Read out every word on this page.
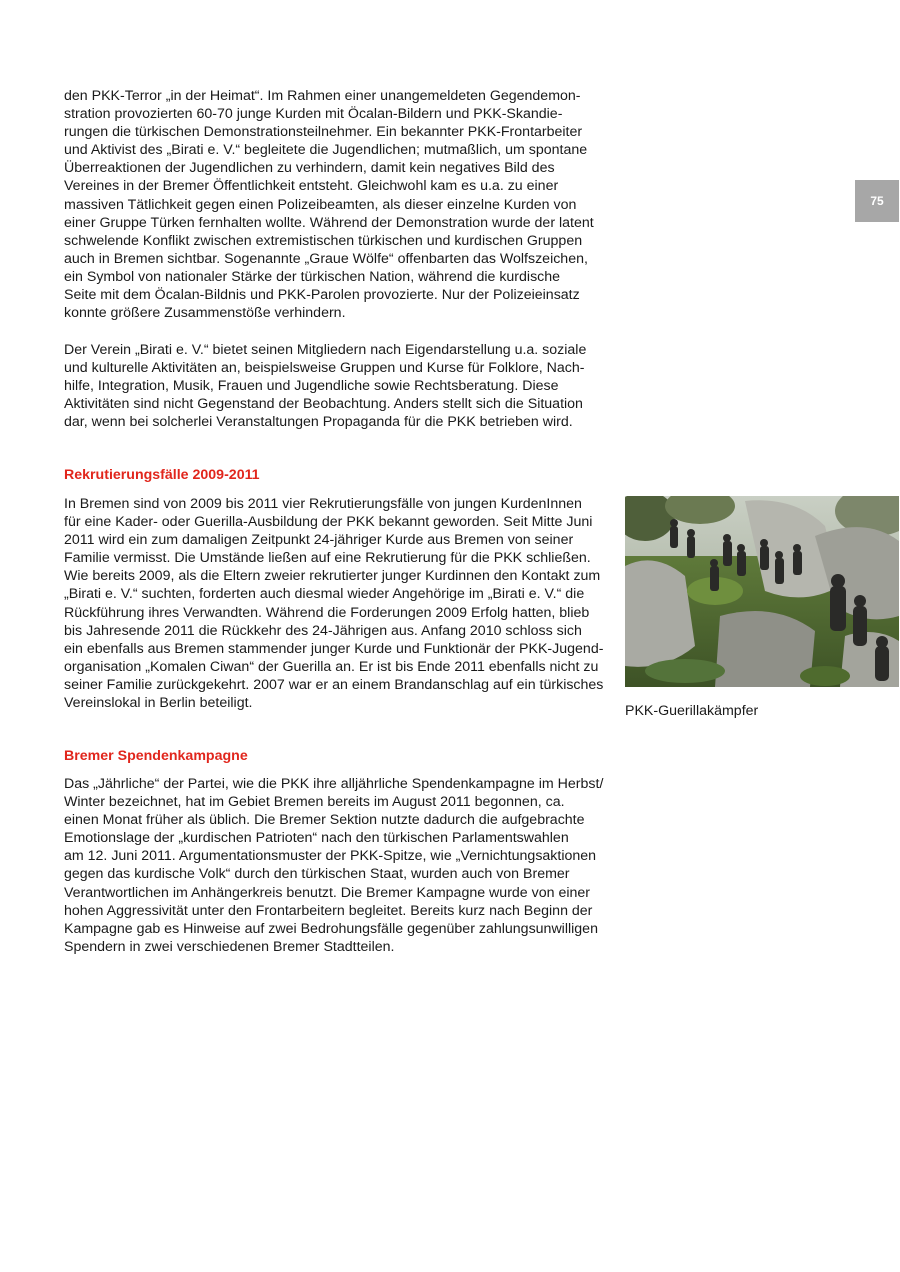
75

den PKK-Terror „in der Heimat“. Im Rahmen einer unangemeldeten Gegendemon-
stration provozierten 60-70 junge Kurden mit Öcalan-Bildern und PKK-Skandie-
rungen die türkischen Demonstrationsteilnehmer. Ein bekannter PKK-Frontarbeiter
und Aktivist des „Birati e. V.“ begleitete die Jugendlichen; mutmaßlich, um spontane
Überreaktionen der Jugendlichen zu verhindern, damit kein negatives Bild des
Vereines in der Bremer Öffentlichkeit entsteht. Gleichwohl kam es u.a. zu einer
massiven Tätlichkeit gegen einen Polizeibeamten, als dieser einzelne Kurden von
einer Gruppe Türken fernhalten wollte. Während der Demonstration wurde der latent
schwelende Konflikt zwischen extremistischen türkischen und kurdischen Gruppen
auch in Bremen sichtbar. Sogenannte „Graue Wölfe“ offenbarten das Wolfszeichen,
ein Symbol von nationaler Stärke der türkischen Nation, während die kurdische
Seite mit dem Öcalan-Bildnis und PKK-Parolen provozierte. Nur der Polizeieinsatz
konnte größere Zusammenstöße verhindern.

Der Verein „Birati e. V.“ bietet seinen Mitgliedern nach Eigendarstellung u.a. soziale
und kulturelle Aktivitäten an, beispielsweise Gruppen und Kurse für Folklore, Nach-
hilfe, Integration, Musik, Frauen und Jugendliche sowie Rechtsberatung. Diese
Aktivitäten sind nicht Gegenstand der Beobachtung. Anders stellt sich die Situation
dar, wenn bei solcherlei Veranstaltungen Propaganda für die PKK betrieben wird.

Rekrutierungsfälle 2009-2011

In Bremen sind von 2009 bis 2011 vier Rekrutierungsfälle von jungen KurdenInnen
für eine Kader- oder Guerilla-Ausbildung der PKK bekannt geworden. Seit Mitte Juni
2011 wird ein zum damaligen Zeitpunkt 24-jähriger Kurde aus Bremen von seiner
Familie vermisst. Die Umstände ließen auf eine Rekrutierung für die PKK schließen.
Wie bereits 2009, als die Eltern zweier rekrutierter junger Kurdinnen den Kontakt zum
„Birati e. V.“ suchten, forderten auch diesmal wieder Angehörige im „Birati e. V.“ die
Rückführung ihres Verwandten. Während die Forderungen 2009 Erfolg hatten, blieb
bis Jahresende 2011 die Rückkehr des 24-Jährigen aus. Anfang 2010 schloss sich
ein ebenfalls aus Bremen stammender junger Kurde und Funktionär der PKK-Jugend-
organisation „Komalen Ciwan“ der Guerilla an. Er ist bis Ende 2011 ebenfalls nicht zu
seiner Familie zurückgekehrt. 2007 war er an einem Brandanschlag auf ein türkisches
Vereinslokal in Berlin beteiligt.	PKK-Guerillakämpfer

Bremer Spendenkampagne

Das „Jährliche“ der Partei, wie die PKK ihre alljährliche Spendenkampagne im Herbst/
Winter bezeichnet, hat im Gebiet Bremen bereits im August 2011 begonnen, ca.
einen Monat früher als üblich. Die Bremer Sektion nutzte dadurch die aufgebrachte
Emotionslage der „kurdischen Patrioten“ nach den türkischen Parlamentswahlen
am 12. Juni 2011. Argumentationsmuster der PKK-Spitze, wie „Vernichtungsaktionen
gegen das kurdische Volk“ durch den türkischen Staat, wurden auch von Bremer
Verantwortlichen im Anhängerkreis benutzt. Die Bremer Kampagne wurde von einer
hohen Aggressivität unter den Frontarbeitern begleitet. Bereits kurz nach Beginn der
Kampagne gab es Hinweise auf zwei Bedrohungsfälle gegenüber zahlungsunwilligen
Spendern in zwei verschiedenen Bremer Stadtteilen.
